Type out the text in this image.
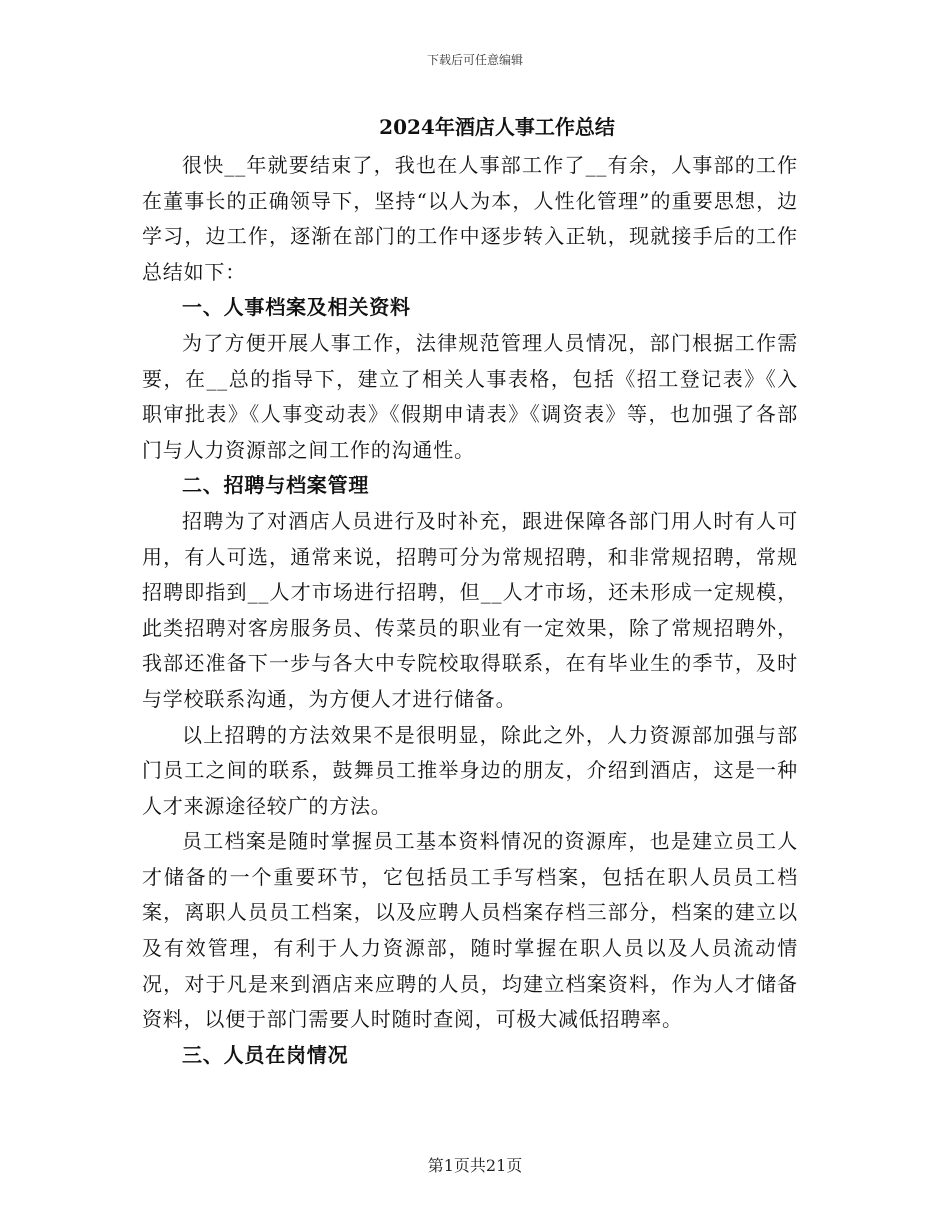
下载后可任意编辑
2024年酒店人事工作总结

很快__年就要结束了，我也在人事部工作了__有余，人事部的工作在董事长的正确领导下，坚持“以人为本，人性化管理”的重要思想，边学习，边工作，逐渐在部门的工作中逐步转入正轨，现就接手后的工作总结如下：

一、人事档案及相关资料

为了方便开展人事工作，法律规范管理人员情况，部门根据工作需要，在__总的指导下，建立了相关人事表格，包括《招工登记表》《入职审批表》《人事变动表》《假期申请表》《调资表》等，也加强了各部门与人力资源部之间工作的沟通性。

二、招聘与档案管理

招聘为了对酒店人员进行及时补充，跟进保障各部门用人时有人可用，有人可选，通常来说，招聘可分为常规招聘，和非常规招聘，常规招聘即指到__人才市场进行招聘，但__人才市场，还未形成一定规模，此类招聘对客房服务员、传菜员的职业有一定效果，除了常规招聘外，我部还准备下一步与各大中专院校取得联系，在有毕业生的季节，及时与学校联系沟通，为方便人才进行储备。

以上招聘的方法效果不是很明显，除此之外，人力资源部加强与部门员工之间的联系，鼓舞员工推举身边的朋友，介绍到酒店，这是一种人才来源途径较广的方法。

员工档案是随时掌握员工基本资料情况的资源库，也是建立员工人才储备的一个重要环节，它包括员工手写档案，包括在职人员员工档案，离职人员员工档案，以及应聘人员档案存档三部分，档案的建立以及有效管理，有利于人力资源部，随时掌握在职人员以及人员流动情况，对于凡是来到酒店来应聘的人员，均建立档案资料，作为人才储备资料，以便于部门需要人时随时查阅，可极大减低招聘率。

三、人员在岗情况
第1页共21页
